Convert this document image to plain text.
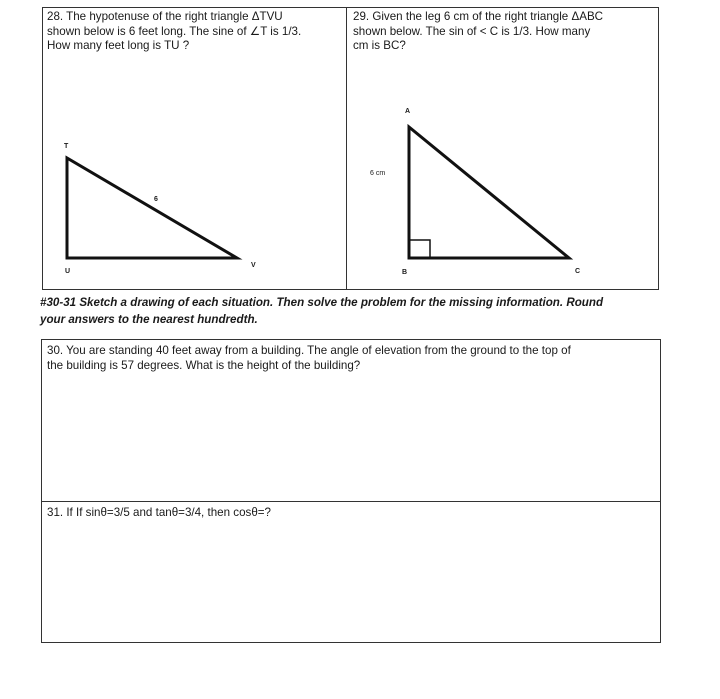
28. The hypotenuse of the right triangle ΔTVU
shown below is 6 feet long. The sine of ∠T is 1/3.
How many feet long is TU ?

29. Given the leg 6 cm of the right triangle ΔABC
shown below. The sin of < C is 1/3. How many
cm is BC?

T
U
V
6
A
B	C
6 cm

#30-31 Sketch a drawing of each situation. Then solve the problem for the missing information. Round
your answers to the nearest hundredth.

30. You are standing 40 feet away from a building. The angle of elevation from the ground to the top of
the building is 57 degrees. What is the height of the building?

31. If If sinθ=3/5 and tanθ=3/4, then cosθ=?
